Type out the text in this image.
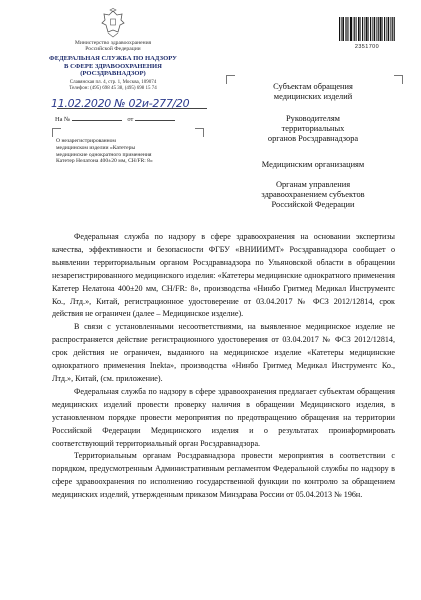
Министерство здравоохранения
Российской Федерации
ФЕДЕРАЛЬНАЯ СЛУЖБА ПО НАДЗОРУ
В СФЕРЕ ЗДРАВООХРАНЕНИЯ
(РОСЗДРАВНАДЗОР)
Славянская пл. 4, стр. 1, Москва, 109074
Телефон: (495) 698 45 38, (495) 698 15 74
11.02.2020 № 02и-277/20
На №	от
О незарегистрированном
медицинском изделии «Катетеры
медицинские однократного применения
Катетер Нелатона 400±20 мм, CH/FR: 8»
2351700
Субъектам обращения
медицинских изделий
Руководителям
территориальных
органов Росздравнадзора
Медицинским организациям
Органам управления
здравоохранением субъектов
Российской Федерации

Федеральная служба по надзору в сфере здравоохранения на основании экспертизы качества, эффективности и безопасности ФГБУ «ВНИИИМТ» Росздравнадзора сообщает о выявлении территориальным органом Росздравнадзора по Ульяновской области в обращении незарегистрированного медицинского изделия: «Катетеры медицинские однократного применения Катетер Нелатона 400±20 мм, CH/FR: 8», производства «Нинбо Гритмед Медикал Инструментс Ко., Лтд.», Китай, регистрационное удостоверение от 03.04.2017 № ФСЗ 2012/12814, срок действия не ограничен (далее – Медицинское изделие).

В связи с установленными несоответствиями, на выявленное медицинское изделие не распространяется действие регистрационного удостоверения от 03.04.2017 № ФСЗ 2012/12814, срок действия не ограничен, выданного на медицинское изделие «Катетеры медицинские однократного применения Inekta», производства «Нинбо Гритмед Медикал Инструментс Ко., Лтд.», Китай, (см. приложение).

Федеральная служба по надзору в сфере здравоохранения предлагает субъектам обращения медицинских изделий провести проверку наличия в обращении Медицинского изделия, в установленном порядке провести мероприятия по предотвращению обращения на территории Российской Федерации Медицинского изделия и о результатах проинформировать соответствующий территориальный орган Росздравнадзора.

Территориальным органам Росздравнадзора провести мероприятия в соответствии с порядком, предусмотренным Административным регламентом Федеральной службы по надзору в сфере здравоохранения по исполнению государственной функции по контролю за обращением медицинских изделий, утвержденным приказом Минздрава России от 05.04.2013 № 196н.
